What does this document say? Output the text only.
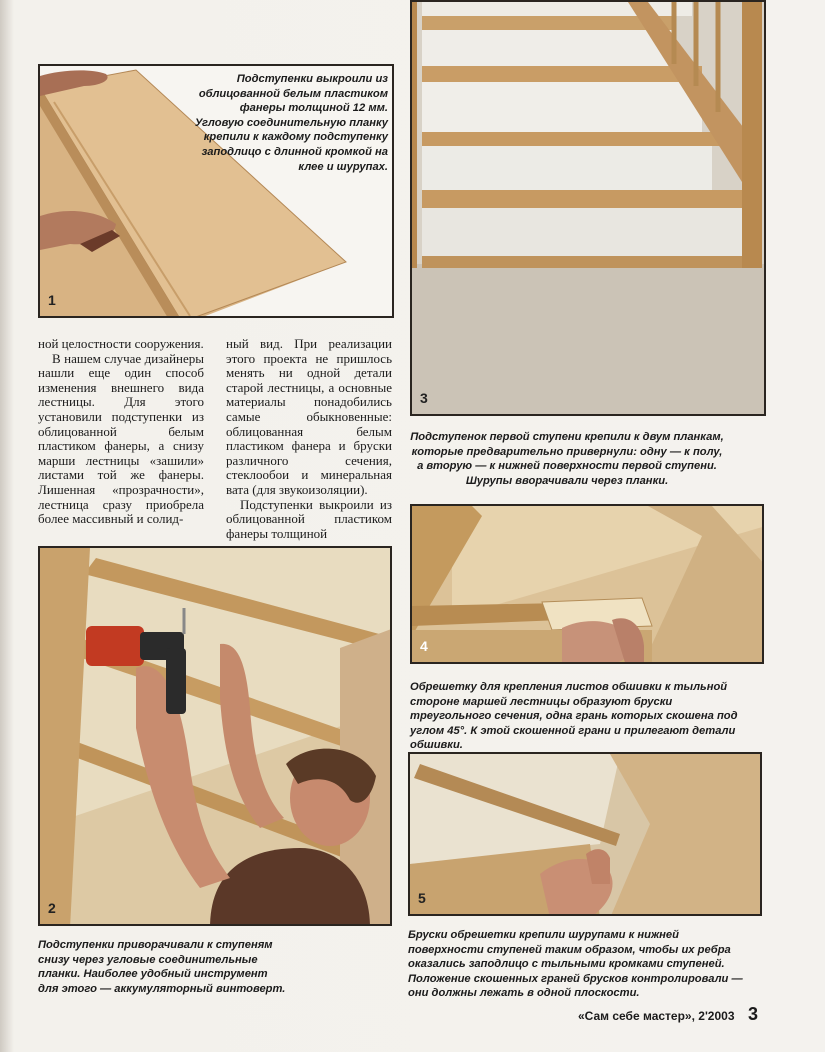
1
Подступенки выкроили из облицованной белым пластиком фанеры толщиной 12 мм. Угловую соединительную планку крепили к каждому подступенку заподлицо с длинной кромкой на клее и шурупах.
3
Подступенок первой ступени крепили к двум планкам, которые предварительно привернули: одну — к полу, а вторую — к нижней поверхности первой ступени. Шурупы вворачивали через планки.

ной целостности сооружения.

В нашем случае дизайнеры нашли еще один способ изменения внешнего вида лестницы. Для этого установили подступенки из облицованной белым пластиком фанеры, а снизу марши лестницы «зашили» листами той же фанеры. Лишенная «прозрачности», лестница сразу приобрела более массивный и солид-

ный вид. При реализации этого проекта не пришлось менять ни одной детали старой лестницы, а основные материалы понадобились самые обыкновенные: облицованная белым пластиком фанера и бруски различного сечения, стеклообои и минеральная вата (для звукоизоляции).

Подступенки выкроили из облицованной пластиком фанеры толщиной

4
Обрешетку для крепления листов обшивки к тыльной стороне маршей лестницы образуют бруски треугольного сечения, одна грань которых скошена под углом 45°. К этой скошенной грани и прилегают детали обшивки.
2
Подступенки приворачивали к ступеням снизу через угловые соединительные планки. Наиболее удобный инструмент для этого — аккумуляторный винтоверт.
5
Бруски обрешетки крепили шурупами к нижней поверхности ступеней таким образом, чтобы их ребра оказались заподлицо с тыльными кромками ступеней. Положение скошенных граней брусков контролировали — они должны лежать в одной плоскости.
«Сам себе мастер», 2'2003 3
